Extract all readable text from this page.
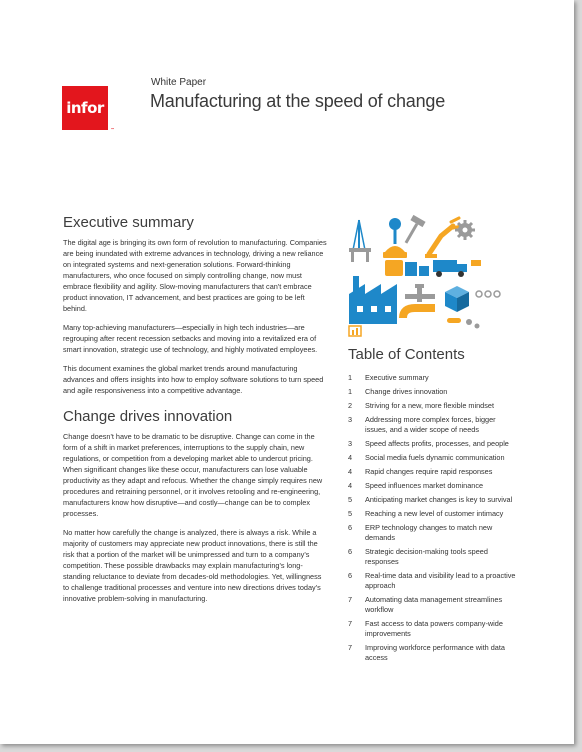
infor
™
White Paper
Manufacturing at the speed of change
Executive summary

The digital age is bringing its own form of revolution to manufacturing. Companies are being inundated with extreme advances in technology, driving a new reliance on integrated systems and next-generation solutions. Forward-thinking manufacturers, who once focused on simply controlling change, now must embrace flexibility and agility. Slow-moving manufacturers that can't embrace product innovation, IT advancement, and best practices are going to be left behind.

Many top-achieving manufacturers—especially in high tech industries—are regrouping after recent recession setbacks and moving into a revitalized era of smart innovation, strategic use of technology, and highly motivated employees.

This document examines the global market trends around manufacturing advances and offers insights into how to employ software solutions to turn speed and agile responsiveness into a competitive advantage.

Change drives innovation

Change doesn't have to be dramatic to be disruptive. Change can come in the form of a shift in market preferences, interruptions to the supply chain, new regulations, or competition from a developing market able to undercut pricing. When significant changes like these occur, manufacturers can lose valuable productivity as they adapt and refocus. Whether the change simply requires new procedures and retraining personnel, or it involves retooling and re-engineering, manufacturers know how disruptive—and costly—change can be to complex processes.

No matter how carefully the change is analyzed, there is always a risk. While a majority of customers may appreciate new product innovations, there is still the risk that a portion of the market will be unimpressed and turn to a company's competition. These possible drawbacks may explain manufacturing's long-standing reluctance to deviate from decades-old methodologies. Yet, willingness to challenge traditional processes and venture into new directions drives today's innovative problem-solving in manufacturing.

Table of Contents
1	Executive summary
1	Change drives innovation
2	Striving for a new, more flexible mindset
3	Addressing more complex forces, bigger issues, and a wider scope of needs
3	Speed affects profits, processes, and people
4	Social media fuels dynamic communication
4	Rapid changes require rapid responses
4	Speed influences market dominance
5	Anticipating market changes is key to survival
5	Reaching a new level of customer intimacy
6	ERP technology changes to match new demands
6	Strategic decision-making tools speed responses
6	Real-time data and visibility lead to a proactive approach
7	Automating data management streamlines workflow
7	Fast access to data powers company-wide improvements
7	Improving workforce performance with data access
